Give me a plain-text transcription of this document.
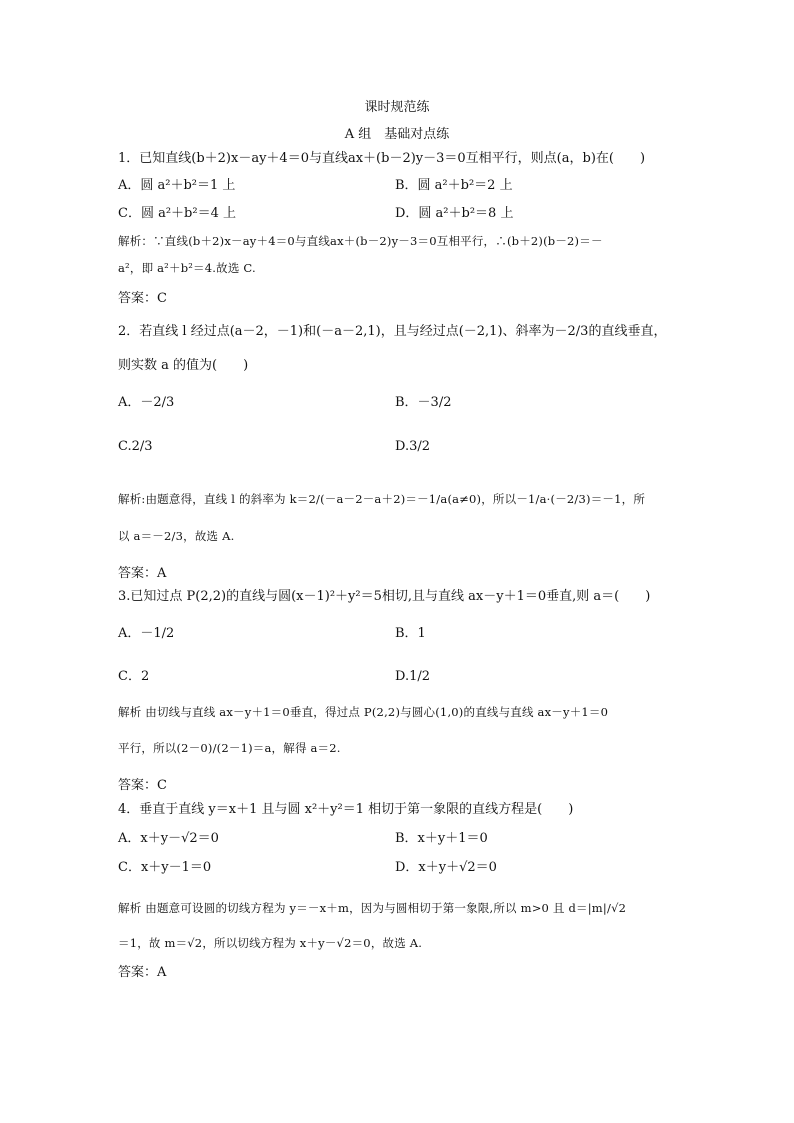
课时规范练
A 组　基础对点练
1．已知直线(b＋2)x－ay＋4＝0与直线ax＋(b－2)y－3＝0互相平行，则点(a，b)在(　　)
A．圆 a²＋b²＝1 上	B．圆 a²＋b²＝2 上
C．圆 a²＋b²＝4 上	D．圆 a²＋b²＝8 上
解析：∵直线(b＋2)x－ay＋4＝0与直线ax＋(b－2)y－3＝0互相平行，∴(b＋2)(b－2)＝－
a²，即 a²＋b²＝4.故选 C.
答案：C
2．若直线 l 经过点(a－2，－1)和(－a－2,1)，且与经过点(－2,1)、斜率为－2/3的直线垂直，
则实数 a 的值为(　　)
A．－2/3	B．－3/2
C.2/3	D.3/2
解析:由题意得，直线 l 的斜率为 k＝2/(－a－2－a＋2)＝－1/a(a≠0)，所以－1/a·(－2/3)＝－1，所
以 a＝－2/3，故选 A.
答案：A
3.已知过点 P(2,2)的直线与圆(x－1)²＋y²＝5相切,且与直线 ax－y＋1＝0垂直,则 a＝(　　)
A．－1/2	B．1
C．2	D.1/2
解析 由切线与直线 ax－y＋1＝0垂直，得过点 P(2,2)与圆心(1,0)的直线与直线 ax－y＋1＝0
平行，所以(2－0)/(2－1)＝a，解得 a＝2.
答案：C
4．垂直于直线 y＝x＋1 且与圆 x²＋y²＝1 相切于第一象限的直线方程是(　　)
A．x＋y－√2＝0	B．x＋y＋1＝0
C．x＋y－1＝0	D．x＋y＋√2＝0
解析 由题意可设圆的切线方程为 y＝－x＋m，因为与圆相切于第一象限,所以 m>0 且 d＝|m|/√2
＝1，故 m＝√2，所以切线方程为 x＋y－√2＝0，故选 A.
答案：A
